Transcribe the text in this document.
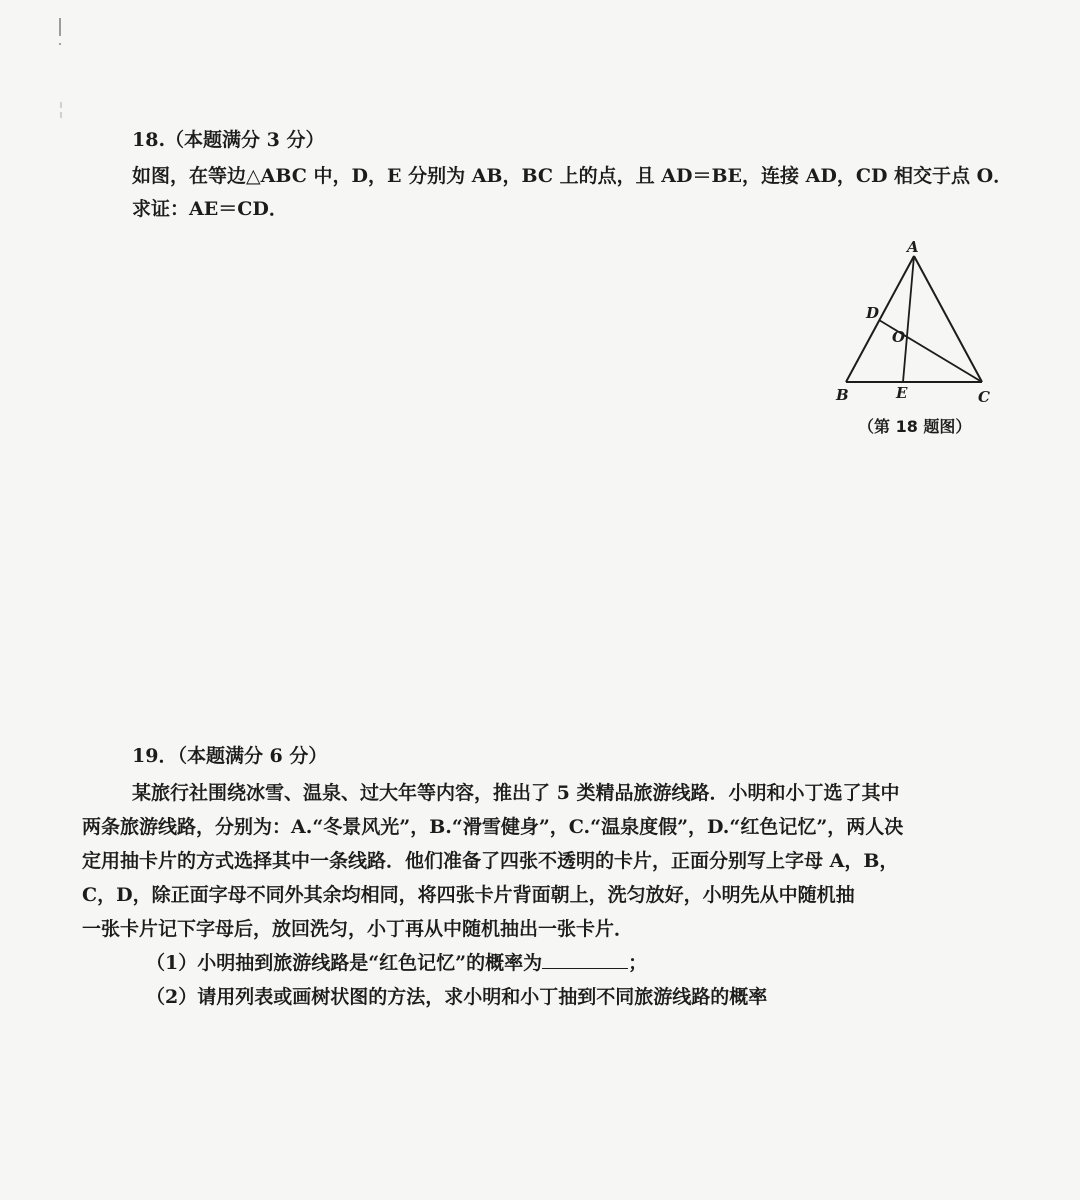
18.（本题满分 3 分）

如图，在等边△ABC 中，D，E 分别为 AB，BC 上的点，且 AD＝BE，连接 AD，CD 相交于点 O．

求证：AE＝CD．

A
B	C
D
E
O
（第 18 题图）
19．（本题满分 6 分）

某旅行社围绕冰雪、温泉、过大年等内容，推出了 5 类精品旅游线路．小明和小丁选了其中

两条旅游线路，分别为：A.“冬景风光”，B.“滑雪健身”，C.“温泉度假”，D.“红色记忆”，两人决

定用抽卡片的方式选择其中一条线路．他们准备了四张不透明的卡片，正面分别写上字母 A，B，

C，D，除正面字母不同外其余均相同，将四张卡片背面朝上，洗匀放好，小明先从中随机抽

一张卡片记下字母后，放回洗匀，小丁再从中随机抽出一张卡片．

（1）小明抽到旅游线路是“红色记忆”的概率为	；

（2）请用列表或画树状图的方法，求小明和小丁抽到不同旅游线路的概率
